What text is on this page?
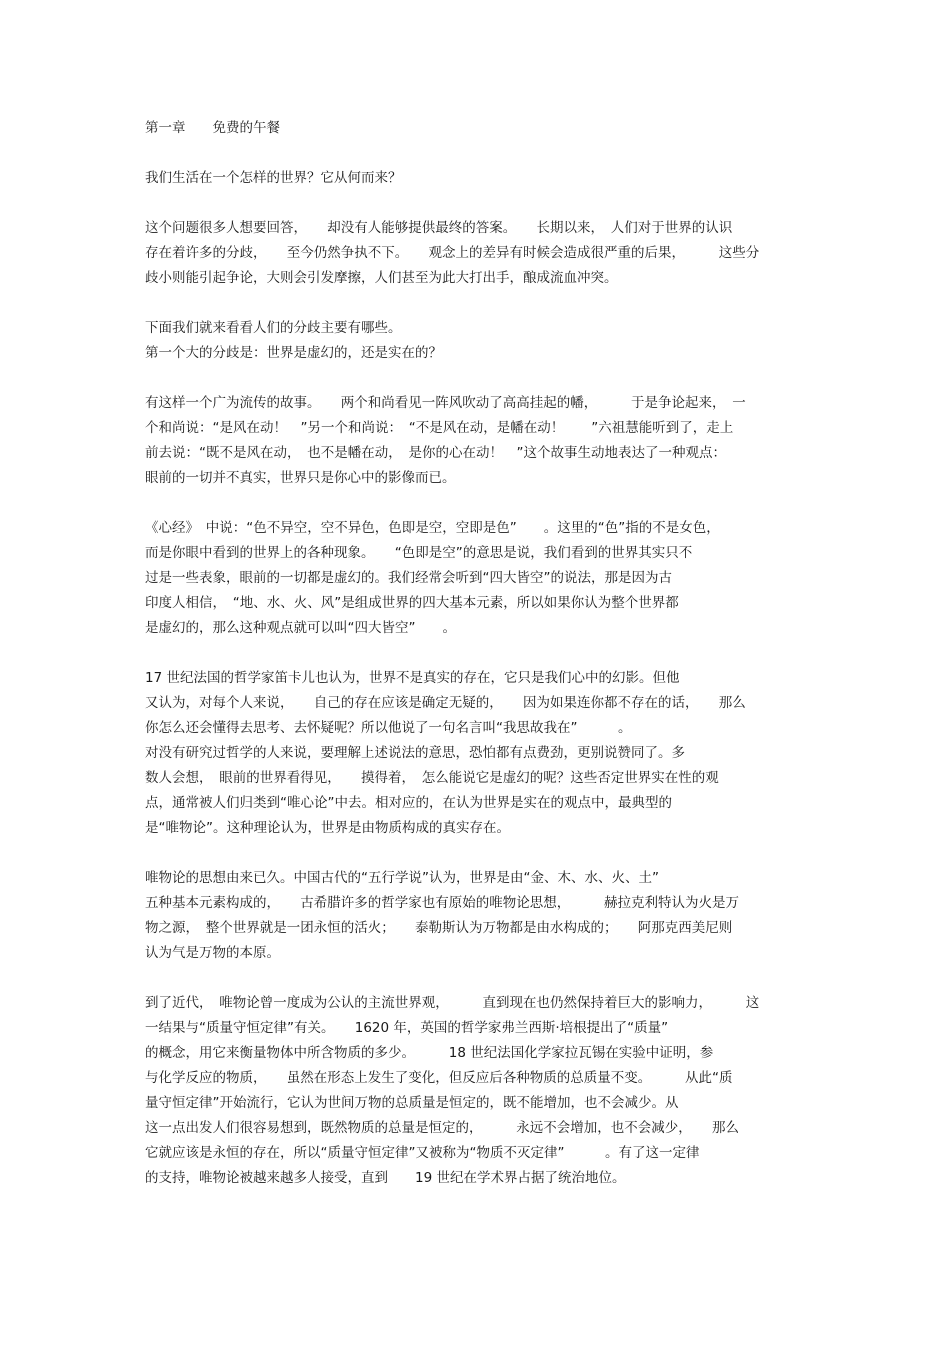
第一章　　免费的午餐
我们生活在一个怎样的世界？它从何而来？
这个问题很多人想要回答，　　却没有人能够提供最终的答案。　　长期以来，　人们对于世界的认识
存在着许多的分歧，　　至今仍然争执不下。　　观念上的差异有时候会造成很严重的后果，　　　这些分
歧小则能引起争论，大则会引发摩擦，人们甚至为此大打出手，酿成流血冲突。
下面我们就来看看人们的分歧主要有哪些。
第一个大的分歧是：世界是虚幻的，还是实在的？
有这样一个广为流传的故事。　　两个和尚看见一阵风吹动了高高挂起的幡，　　　于是争论起来，　一
个和尚说：“是风在动！　”另一个和尚说：　“不是风在动，是幡在动！　　”六祖慧能听到了，走上
前去说：“既不是风在动，　也不是幡在动，　是你的心在动！　”这个故事生动地表达了一种观点：
眼前的一切并不真实，世界只是你心中的影像而已。
《心经》　中说：“色不异空，空不异色，色即是空，空即是色”　　。这里的“色”指的不是女色，
而是你眼中看到的世界上的各种现象。　　“色即是空”的意思是说，我们看到的世界其实只不
过是一些表象，眼前的一切都是虚幻的。我们经常会听到“四大皆空”的说法，那是因为古
印度人相信，　“地、水、火、风”是组成世界的四大基本元素，所以如果你认为整个世界都
是虚幻的，那么这种观点就可以叫“四大皆空”　　。
17 世纪法国的哲学家笛卡儿也认为，世界不是真实的存在，它只是我们心中的幻影。但他
又认为，对每个人来说，　　自己的存在应该是确定无疑的，　　因为如果连你都不存在的话，　　那么
你怎么还会懂得去思考、去怀疑呢？所以他说了一句名言叫“我思故我在”　　　。
对没有研究过哲学的人来说，要理解上述说法的意思，恐怕都有点费劲，更别说赞同了。多
数人会想，　眼前的世界看得见，　　摸得着，　怎么能说它是虚幻的呢？这些否定世界实在性的观
点，通常被人们归类到“唯心论”中去。相对应的，在认为世界是实在的观点中，最典型的
是“唯物论”。这种理论认为，世界是由物质构成的真实存在。
唯物论的思想由来已久。中国古代的“五行学说”认为，世界是由“金、木、水、火、土”
五种基本元素构成的，　　古希腊许多的哲学家也有原始的唯物论思想，　　　赫拉克利特认为火是万
物之源，　整个世界就是一团永恒的活火；　　泰勒斯认为万物都是由水构成的；　　阿那克西美尼则
认为气是万物的本原。
到了近代，　唯物论曾一度成为公认的主流世界观，　　　直到现在也仍然保持着巨大的影响力，　　　这
一结果与“质量守恒定律”有关。　　1620 年，英国的哲学家弗兰西斯·培根提出了“质量”
的概念，用它来衡量物体中所含物质的多少。　　　18 世纪法国化学家拉瓦锡在实验中证明，参
与化学反应的物质，　　虽然在形态上发生了变化，但反应后各种物质的总质量不变。　　　从此“质
量守恒定律”开始流行，它认为世间万物的总质量是恒定的，既不能增加，也不会减少。从
这一点出发人们很容易想到，既然物质的总量是恒定的，　　　永远不会增加，也不会减少，　　那么
它就应该是永恒的存在，所以“质量守恒定律”又被称为“物质不灭定律”　　　。有了这一定律
的支持，唯物论被越来越多人接受，直到　　19 世纪在学术界占据了统治地位。
